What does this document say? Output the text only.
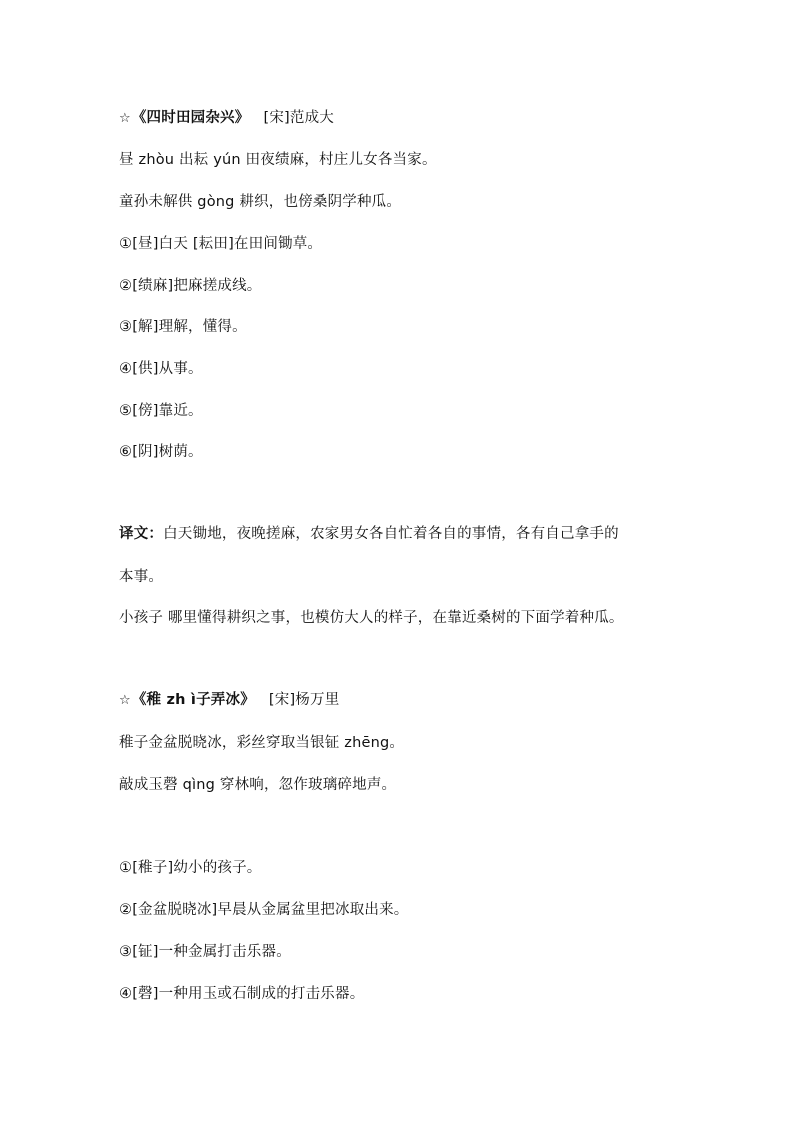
☆《四时田园杂兴》 [宋]范成大
昼 zhòu 出耘 yún 田夜绩麻，村庄儿女各当家。
童孙未解供 gòng 耕织，也傍桑阴学种瓜。
①[昼]白天 [耘田]在田间锄草。
②[绩麻]把麻搓成线。
③[解]理解，懂得。
④[供]从事。
⑤[傍]靠近。
⑥[阴]树荫。
译文：白天锄地，夜晚搓麻，农家男女各自忙着各自的事情，各有自己拿手的
本事。
小孩子 哪里懂得耕织之事，也模仿大人的样子，在靠近桑树的下面学着种瓜。
☆《稚 zh ì子弄冰》 [宋]杨万里
稚子金盆脱晓冰，彩丝穿取当银钲 zhēng。
敲成玉磬 qìng 穿林响，忽作玻璃碎地声。
①[稚子]幼小的孩子。
②[金盆脱晓冰]早晨从金属盆里把冰取出来。
③[钲]一种金属打击乐器。
④[磬]一种用玉或石制成的打击乐器。
